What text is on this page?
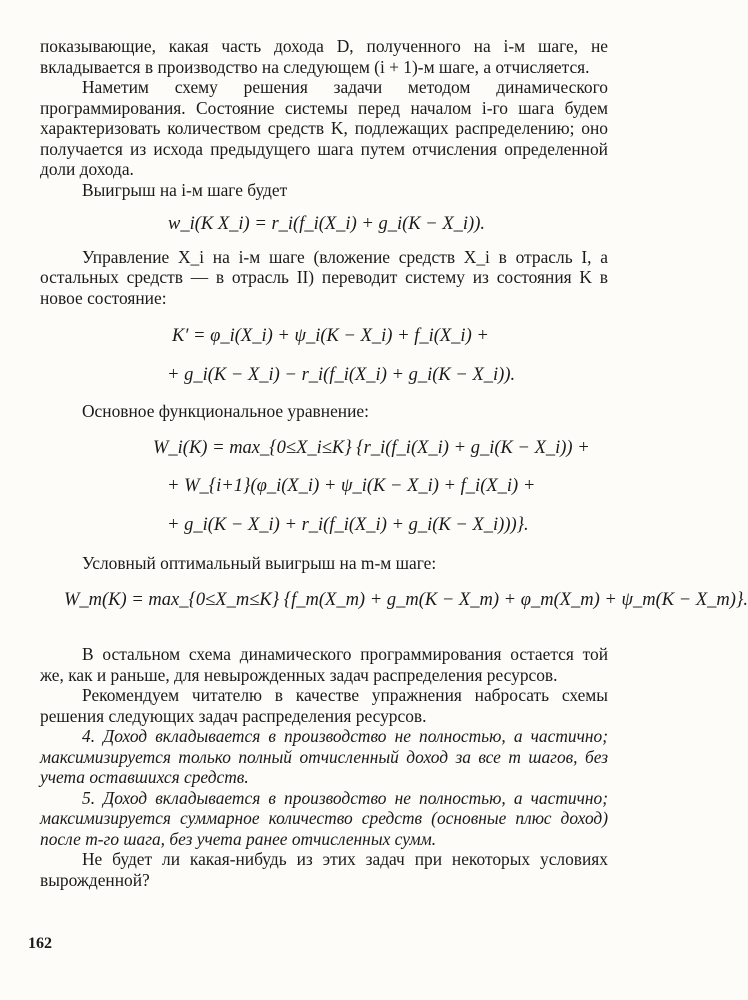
показывающие, какая часть дохода D, полученного на i-м шаге, не вкладывается в производство на следующем (i + 1)-м шаге, а отчисляется.

Наметим схему решения задачи методом динамического программирования. Состояние системы перед началом i-го шага будем характеризовать количеством средств K, подлежащих распределению; оно получается из исхода предыдущего шага путем отчисления определенной доли дохода.

Выигрыш на i-м шаге будет

w_i(K X_i) = r_i(f_i(X_i) + g_i(K − X_i)).

Управление X_i на i-м шаге (вложение средств X_i в отрасль I, а остальных средств — в отрасль II) переводит систему из состояния K в новое состояние:

K′ = φ_i(X_i) + ψ_i(K − X_i) + f_i(X_i) +
+ g_i(K − X_i) − r_i(f_i(X_i) + g_i(K − X_i)).

Основное функциональное уравнение:

W_i(K) = max_{0≤X_i≤K} {r_i(f_i(X_i) + g_i(K − X_i)) +
+ W_{i+1}(φ_i(X_i) + ψ_i(K − X_i) + f_i(X_i) +
+ g_i(K − X_i) + r_i(f_i(X_i) + g_i(K − X_i)))}.

Условный оптимальный выигрыш на m-м шаге:

W_m(K) = max_{0≤X_m≤K} {f_m(X_m) + g_m(K − X_m) + φ_m(X_m) + ψ_m(K − X_m)}.

В остальном схема динамического программирования остается той же, как и раньше, для невырожденных задач распределения ресурсов.

Рекомендуем читателю в качестве упражнения набросать схемы решения следующих задач распределения ресурсов.

4. Доход вкладывается в производство не полностью, а частично; максимизируется только полный отчисленный доход за все m шагов, без учета оставшихся средств.

5. Доход вкладывается в производство не полностью, а частично; максимизируется суммарное количество средств (основные плюс доход) после m-го шага, без учета ранее отчисленных сумм.

Не будет ли какая-нибудь из этих задач при некоторых условиях вырожденной?

162
